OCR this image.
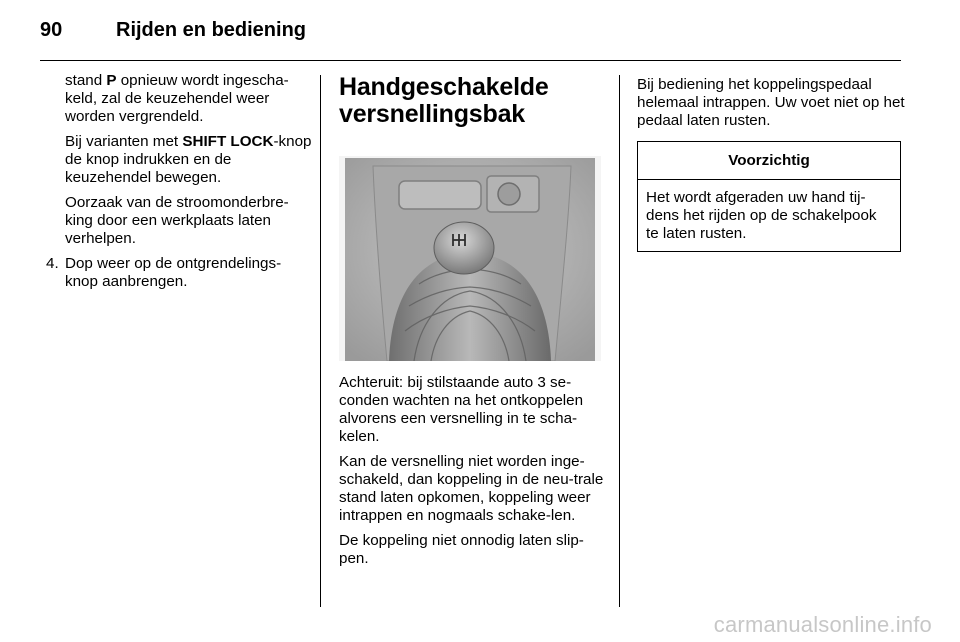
90	Rijden en bediening

stand P opnieuw wordt ingescha-keld, zal de keuzehendel weer worden vergrendeld.

Bij varianten met SHIFT LOCK-knop de knop indrukken en de keuzehendel bewegen.

Oorzaak van de stroomonderbre-king door een werkplaats laten verhelpen.

4. Dop weer op de ontgrendelings-knop aanbrengen.

Handgeschakelde versnellingsbak

Achteruit: bij stilstaande auto 3 se-conden wachten na het ontkoppelen alvorens een versnelling in te scha-kelen.

Kan de versnelling niet worden inge-schakeld, dan koppeling in de neu-trale stand laten opkomen, koppeling weer intrappen en nogmaals schake-len.

De koppeling niet onnodig laten slip-pen.

Bij bediening het koppelingspedaal helemaal intrappen. Uw voet niet op het pedaal laten rusten.

Voorzichtig
Het wordt afgeraden uw hand tij-dens het rijden op de schakelpook te laten rusten.
carmanualsonline.info
